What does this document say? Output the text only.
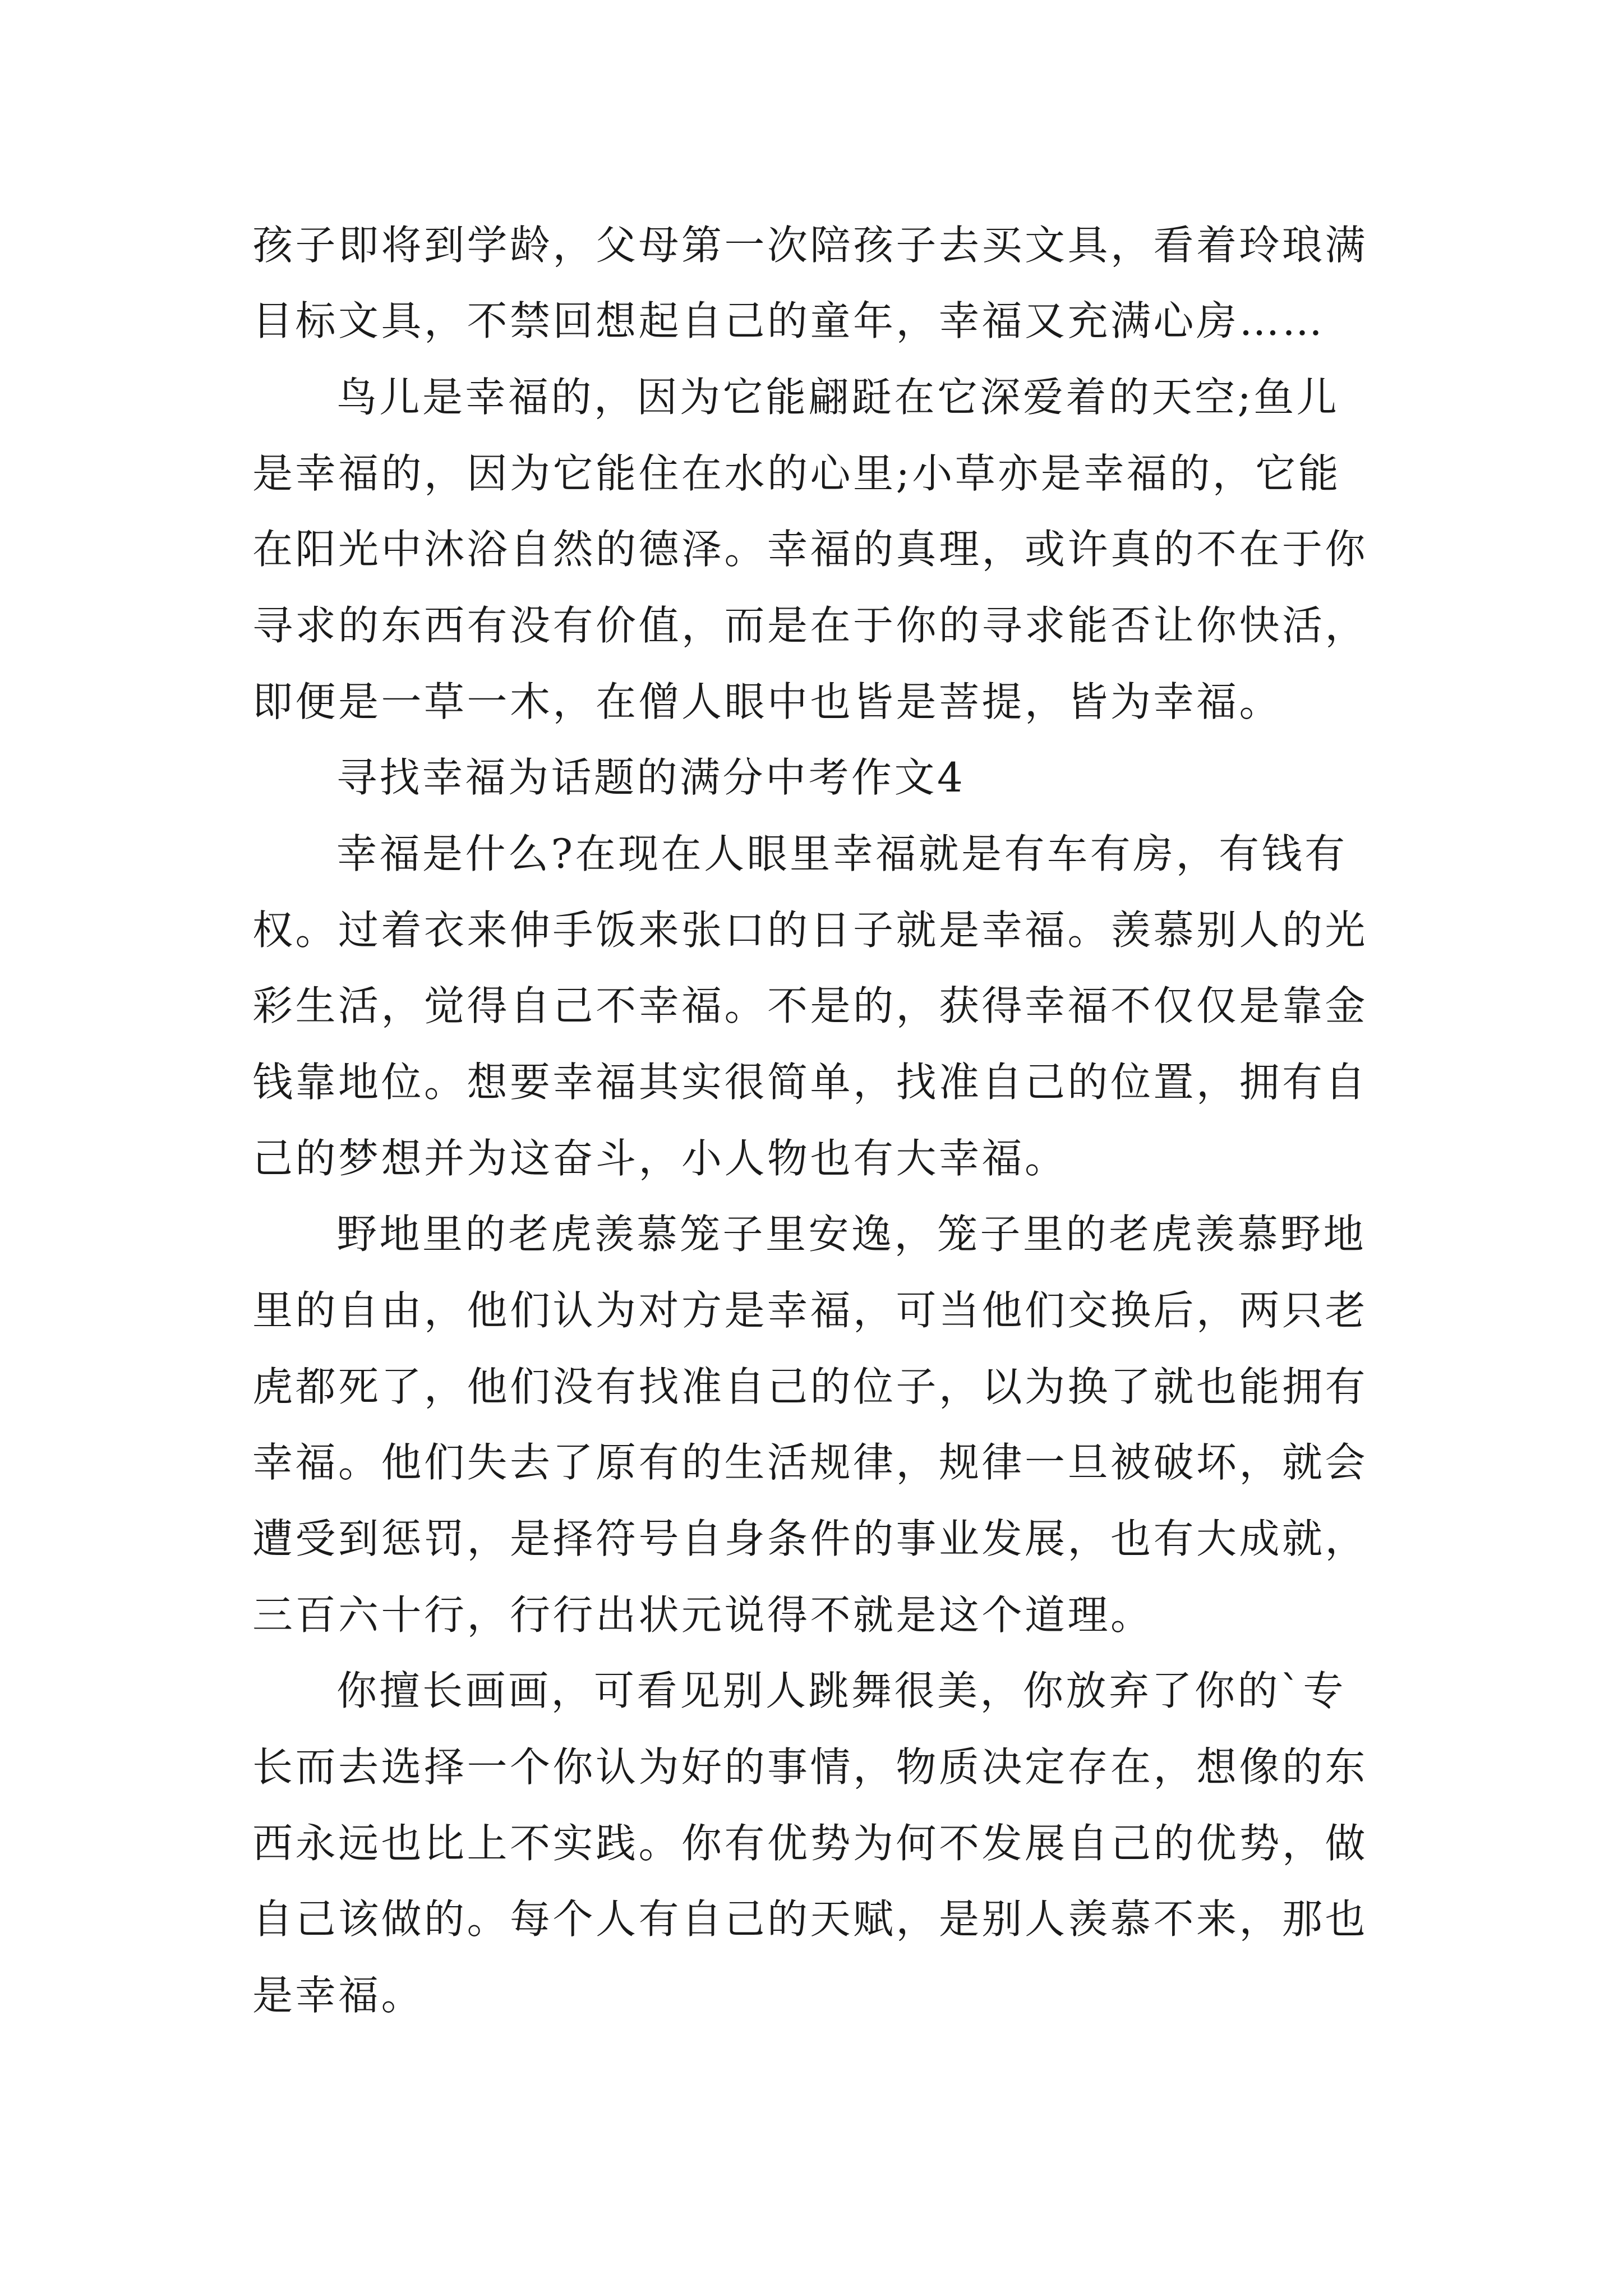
孩子即将到学龄，父母第一次陪孩子去买文具，看着玲琅满
目标文具，不禁回想起自己的童年，幸福又充满心房……
鸟儿是幸福的，因为它能翩跹在它深爱着的天空;鱼儿
是幸福的，因为它能住在水的心里;小草亦是幸福的，它能
在阳光中沐浴自然的德泽。幸福的真理，或许真的不在于你
寻求的东西有没有价值，而是在于你的寻求能否让你快活，
即便是一草一木，在僧人眼中也皆是菩提，皆为幸福。
寻找幸福为话题的满分中考作文4
幸福是什么?在现在人眼里幸福就是有车有房，有钱有
权。过着衣来伸手饭来张口的日子就是幸福。羡慕别人的光
彩生活，觉得自己不幸福。不是的，获得幸福不仅仅是靠金
钱靠地位。想要幸福其实很简单，找准自己的位置，拥有自
己的梦想并为这奋斗，小人物也有大幸福。
野地里的老虎羡慕笼子里安逸，笼子里的老虎羡慕野地
里的自由，他们认为对方是幸福，可当他们交换后，两只老
虎都死了，他们没有找准自己的位子，以为换了就也能拥有
幸福。他们失去了原有的生活规律，规律一旦被破坏，就会
遭受到惩罚，是择符号自身条件的事业发展，也有大成就，
三百六十行，行行出状元说得不就是这个道理。
你擅长画画，可看见别人跳舞很美，你放弃了你的`专
长而去选择一个你认为好的事情，物质决定存在，想像的东
西永远也比上不实践。你有优势为何不发展自己的优势，做
自己该做的。每个人有自己的天赋，是别人羡慕不来，那也
是幸福。
